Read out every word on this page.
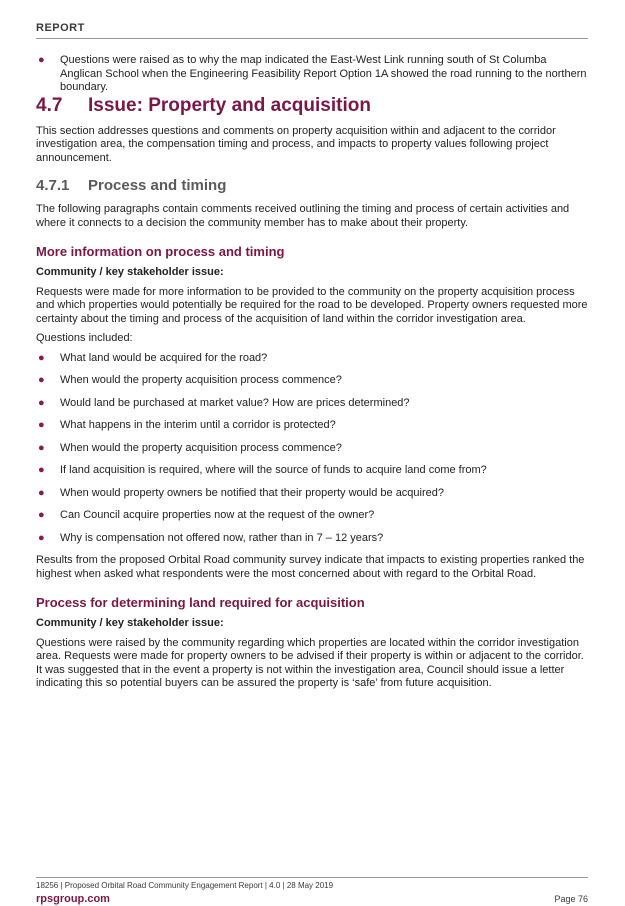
REPORT
● Questions were raised as to why the map indicated the East-West Link running south of St Columba Anglican School when the Engineering Feasibility Report Option 1A showed the road running to the northern boundary.
4.7	Issue: Property and acquisition

This section addresses questions and comments on property acquisition within and adjacent to the corridor investigation area, the compensation timing and process, and impacts to property values following project announcement.

4.7.1	Process and timing

The following paragraphs contain comments received outlining the timing and process of certain activities and where it connects to a decision the community member has to make about their property.

More information on process and timing

Community / key stakeholder issue:

Requests were made for more information to be provided to the community on the property acquisition process and which properties would potentially be required for the road to be developed. Property owners requested more certainty about the timing and process of the acquisition of land within the corridor investigation area.

Questions included:

● What land would be acquired for the road?
● When would the property acquisition process commence?
● Would land be purchased at market value? How are prices determined?
● What happens in the interim until a corridor is protected?
● When would the property acquisition process commence?
● If land acquisition is required, where will the source of funds to acquire land come from?
● When would property owners be notified that their property would be acquired?
● Can Council acquire properties now at the request of the owner?
● Why is compensation not offered now, rather than in 7 – 12 years?

Results from the proposed Orbital Road community survey indicate that impacts to existing properties ranked the highest when asked what respondents were the most concerned about with regard to the Orbital Road.

Process for determining land required for acquisition

Community / key stakeholder issue:

Questions were raised by the community regarding which properties are located within the corridor investigation area. Requests were made for property owners to be advised if their property is within or adjacent to the corridor. It was suggested that in the event a property is not within the investigation area, Council should issue a letter indicating this so potential buyers can be assured the property is ‘safe’ from future acquisition.

18256 | Proposed Orbital Road Community Engagement Report | 4.0 | 28 May 2019
rpsgroup.com	Page 76
